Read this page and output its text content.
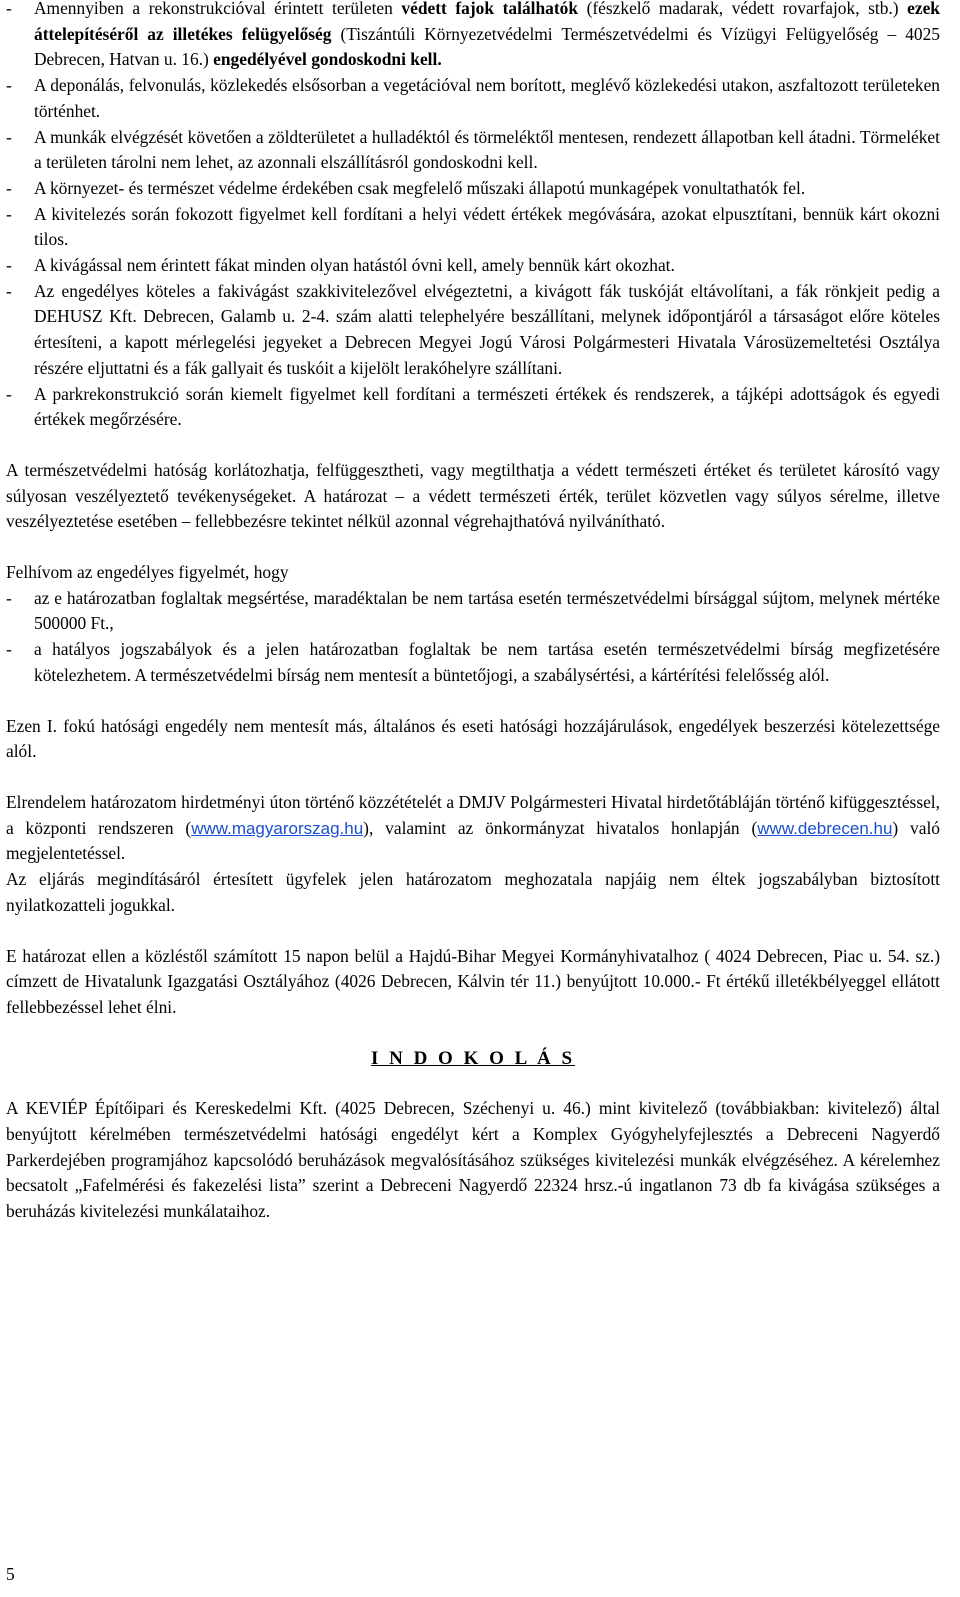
- Amennyiben a rekonstrukcióval érintett területen védett fajok találhatók (fészkelő madarak, védett rovarfajok, stb.) ezek áttelepítéséről az illetékes felügyelőség (Tiszántúli Környezetvédelmi Természetvédelmi és Vízügyi Felügyelőség – 4025 Debrecen, Hatvan u. 16.) engedélyével gondoskodni kell.
- A deponálás, felvonulás, közlekedés elsősorban a vegetációval nem borított, meglévő közlekedési utakon, aszfaltozott területeken történhet.
- A munkák elvégzését követően a zöldterületet a hulladéktól és törmeléktől mentesen, rendezett állapotban kell átadni. Törmeléket a területen tárolni nem lehet, az azonnali elszállításról gondoskodni kell.
- A környezet- és természet védelme érdekében csak megfelelő műszaki állapotú munkagépek vonultathatók fel.
- A kivitelezés során fokozott figyelmet kell fordítani a helyi védett értékek megóvására, azokat elpusztítani, bennük kárt okozni tilos.
- A kivágással nem érintett fákat minden olyan hatástól óvni kell, amely bennük kárt okozhat.
- Az engedélyes köteles a fakivágást szakkivitelezővel elvégeztetni, a kivágott fák tuskóját eltávolítani, a fák rönkjeit pedig a DEHUSZ Kft. Debrecen, Galamb u. 2-4. szám alatti telephelyére beszállítani, melynek időpontjáról a társaságot előre köteles értesíteni, a kapott mérlegelési jegyeket a Debrecen Megyei Jogú Városi Polgármesteri Hivatala Városüzemeltetési Osztálya részére eljuttatni és a fák gallyait és tuskóit a kijelölt lerakóhelyre szállítani.
- A parkrekonstrukció során kiemelt figyelmet kell fordítani a természeti értékek és rendszerek, a tájképi adottságok és egyedi értékek megőrzésére.

A természetvédelmi hatóság korlátozhatja, felfüggesztheti, vagy megtilthatja a védett természeti értéket és területet károsító vagy súlyosan veszélyeztető tevékenységeket. A határozat – a védett természeti érték, terület közvetlen vagy súlyos sérelme, illetve veszélyeztetése esetében – fellebbezésre tekintet nélkül azonnal végrehajthatóvá nyilvánítható.

Felhívom az engedélyes figyelmét, hogy

- az e határozatban foglaltak megsértése, maradéktalan be nem tartása esetén természetvédelmi bírsággal sújtom, melynek mértéke 500000 Ft.,
- a hatályos jogszabályok és a jelen határozatban foglaltak be nem tartása esetén természetvédelmi bírság megfizetésére kötelezhetem. A természetvédelmi bírság nem mentesít a büntetőjogi, a szabálysértési, a kártérítési felelősség alól.

Ezen I. fokú hatósági engedély nem mentesít más, általános és eseti hatósági hozzájárulások, engedélyek beszerzési kötelezettsége alól.

Elrendelem határozatom hirdetményi úton történő közzétételét a DMJV Polgármesteri Hivatal hirdetőtábláján történő kifüggesztéssel, a központi rendszeren (www.magyarorszag.hu), valamint az önkormányzat hivatalos honlapján (www.debrecen.hu) való megjelentetéssel.

Az eljárás megindításáról értesített ügyfelek jelen határozatom meghozatala napjáig nem éltek jogszabályban biztosított nyilatkozatteli jogukkal.

E határozat ellen a közléstől számított 15 napon belül a Hajdú-Bihar Megyei Kormányhivatalhoz ( 4024 Debrecen, Piac u. 54. sz.) címzett de Hivatalunk Igazgatási Osztályához (4026 Debrecen, Kálvin tér 11.) benyújtott 10.000.- Ft értékű illetékbélyeggel ellátott fellebbezéssel lehet élni.

I N D O K O L Á S

A KEVIÉP Építőipari és Kereskedelmi Kft. (4025 Debrecen, Széchenyi u. 46.) mint kivitelező (továbbiakban: kivitelező) által benyújtott kérelmében természetvédelmi hatósági engedélyt kért a Komplex Gyógyhelyfejlesztés a Debreceni Nagyerdő Parkerdejében programjához kapcsolódó beruházások megvalósításához szükséges kivitelezési munkák elvégzéséhez. A kérelemhez becsatolt „Fafelmérési és fakezelési lista” szerint a Debreceni Nagyerdő 22324 hrsz.-ú ingatlanon 73 db fa kivágása szükséges a beruházás kivitelezési munkálataihoz.

5
